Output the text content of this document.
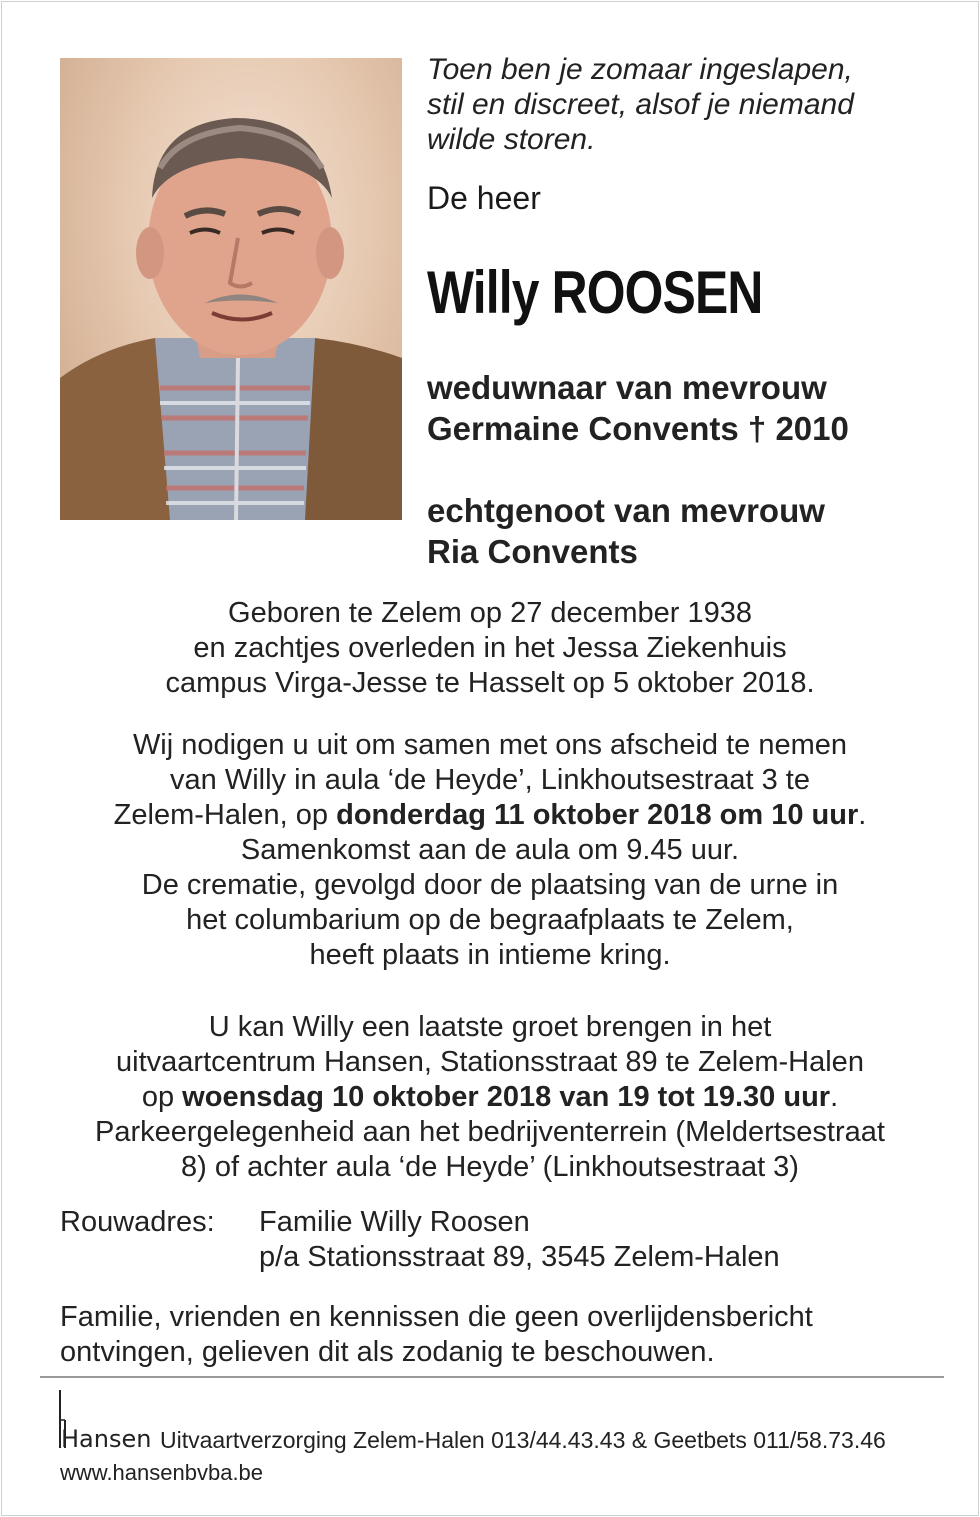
Toen ben je zomaar ingeslapen,
stil en discreet, alsof je niemand
wilde storen.
De heer
Willy ROOSEN
weduwnaar van mevrouw
Germaine Convents † 2010
echtgenoot van mevrouw
Ria Convents
Geboren te Zelem op 27 december 1938
en zachtjes overleden in het Jessa Ziekenhuis
campus Virga-Jesse te Hasselt op 5 oktober 2018.
Wij nodigen u uit om samen met ons afscheid te nemen
van Willy in aula ‘de Heyde’, Linkhoutsestraat 3 te
Zelem-Halen, op donderdag 11 oktober 2018 om 10 uur.
Samenkomst aan de aula om 9.45 uur.
De crematie, gevolgd door de plaatsing van de urne in
het columbarium op de begraafplaats te Zelem,
heeft plaats in intieme kring.
U kan Willy een laatste groet brengen in het
uitvaartcentrum Hansen, Stationsstraat 89 te Zelem-Halen
op woensdag 10 oktober 2018 van 19 tot 19.30 uur.
Parkeergelegenheid aan het bedrijventerrein (Meldertsestraat
8) of achter aula ‘de Heyde’ (Linkhoutsestraat 3)
Rouwadres: Familie Willy Roosen
p/a Stationsstraat 89, 3545 Zelem-Halen
Familie, vrienden en kennissen die geen overlijdensbericht
ontvingen, gelieven dit als zodanig te beschouwen.
Hansen Uitvaartverzorging Zelem-Halen 013/44.43.43 & Geetbets 011/58.73.46
www.hansenbvba.be
